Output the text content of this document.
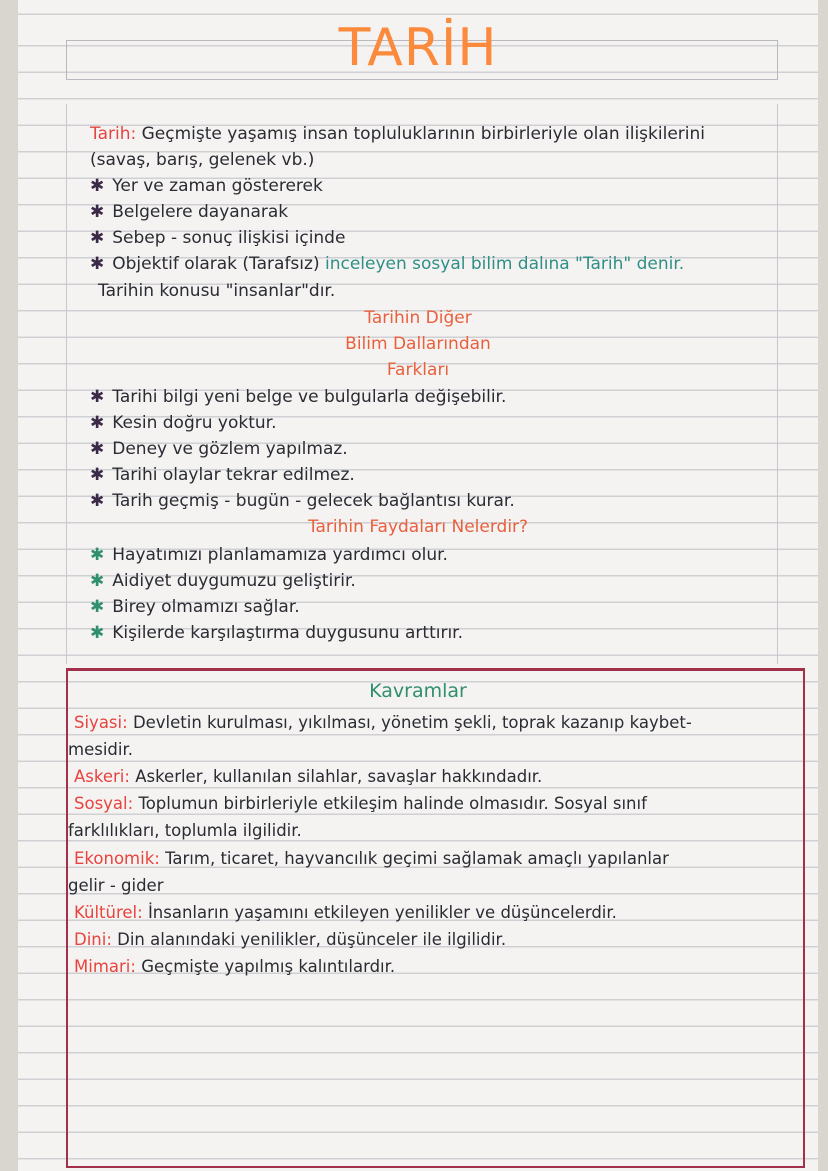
TARİH
Tarih: Geçmişte yaşamış insan topluluklarının birbirleriyle olan ilişkilerini
(savaş, barış, gelenek vb.)
✱ Yer ve zaman göstererek
✱ Belgelere dayanarak
✱ Sebep - sonuç ilişkisi içinde
✱ Objektif olarak (Tarafsız) inceleyen sosyal bilim dalına "Tarih" denir.
Tarihin konusu "insanlar"dır.
Tarihin Diğer
Bilim Dallarından
Farkları
✱ Tarihi bilgi yeni belge ve bulgularla değişebilir.
✱ Kesin doğru yoktur.
✱ Deney ve gözlem yapılmaz.
✱ Tarihi olaylar tekrar edilmez.
✱ Tarih geçmiş - bugün - gelecek bağlantısı kurar.
Tarihin Faydaları Nelerdir?
✱ Hayatımızı planlamamıza yardımcı olur.
✱ Aidiyet duygumuzu geliştirir.
✱ Birey olmamızı sağlar.
✱ Kişilerde karşılaştırma duygusunu arttırır.
Kavramlar
Siyasi: Devletin kurulması, yıkılması, yönetim şekli, toprak kazanıp kaybet-
mesidir.
Askeri: Askerler, kullanılan silahlar, savaşlar hakkındadır.
Sosyal: Toplumun birbirleriyle etkileşim halinde olmasıdır. Sosyal sınıf
farklılıkları, toplumla ilgilidir.
Ekonomik: Tarım, ticaret, hayvancılık geçimi sağlamak amaçlı yapılanlar
gelir - gider
Kültürel: İnsanların yaşamını etkileyen yenilikler ve düşüncelerdir.
Dini: Din alanındaki yenilikler, düşünceler ile ilgilidir.
Mimari: Geçmişte yapılmış kalıntılardır.
